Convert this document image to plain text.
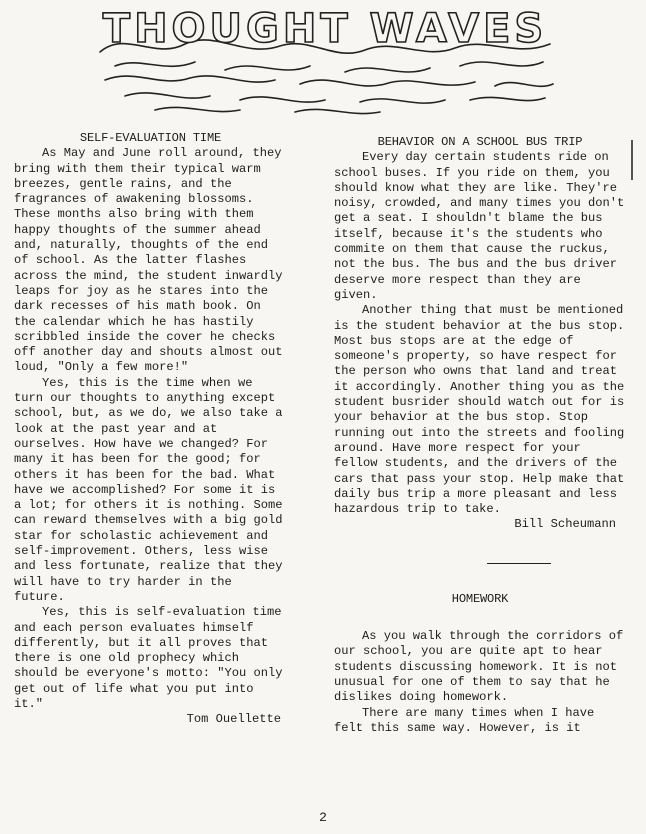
THOUGHT WAVES

SELF-EVALUATION TIME

As May and June roll around, they bring with them their typical warm breezes, gentle rains, and the fragrances of awakening blossoms. These months also bring with them happy thoughts of the summer ahead and, naturally, thoughts of the end of school. As the latter flashes across the mind, the student inwardly leaps for joy as he stares into the dark recesses of his math book. On the calendar which he has hastily scribbled inside the cover he checks off another day and shouts almost out loud, "Only a few more!"

Yes, this is the time when we turn our thoughts to anything except school, but, as we do, we also take a look at the past year and at ourselves. How have we changed? For many it has been for the good; for others it has been for the bad. What have we accomplished? For some it is a lot; for others it is nothing. Some can reward themselves with a big gold star for scholastic achievement and self-improvement. Others, less wise and less fortunate, realize that they will have to try harder in the future.

Yes, this is self-evaluation time and each person evaluates himself differently, but it all proves that there is one old prophecy which should be everyone's motto: "You only get out of life what you put into it."

Tom Ouellette

BEHAVIOR ON A SCHOOL BUS TRIP

Every day certain students ride on school buses. If you ride on them, you should know what they are like. They're noisy, crowded, and many times you don't get a seat. I shouldn't blame the bus itself, because it's the students who commite on them that cause the ruckus, not the bus. The bus and the bus driver deserve more respect than they are given.

Another thing that must be mentioned is the student behavior at the bus stop. Most bus stops are at the edge of someone's property, so have respect for the person who owns that land and treat it accordingly. Another thing you as the student busrider should watch out for is your behavior at the bus stop. Stop running out into the streets and fooling around. Have more respect for your fellow students, and the drivers of the cars that pass your stop. Help make that daily bus trip a more pleasant and less hazardous trip to take.

Bill Scheumann

HOMEWORK

As you walk through the corridors of our school, you are quite apt to hear students discussing homework. It is not unusual for one of them to say that he dislikes doing homework.

There are many times when I have felt this same way. However, is it

2
